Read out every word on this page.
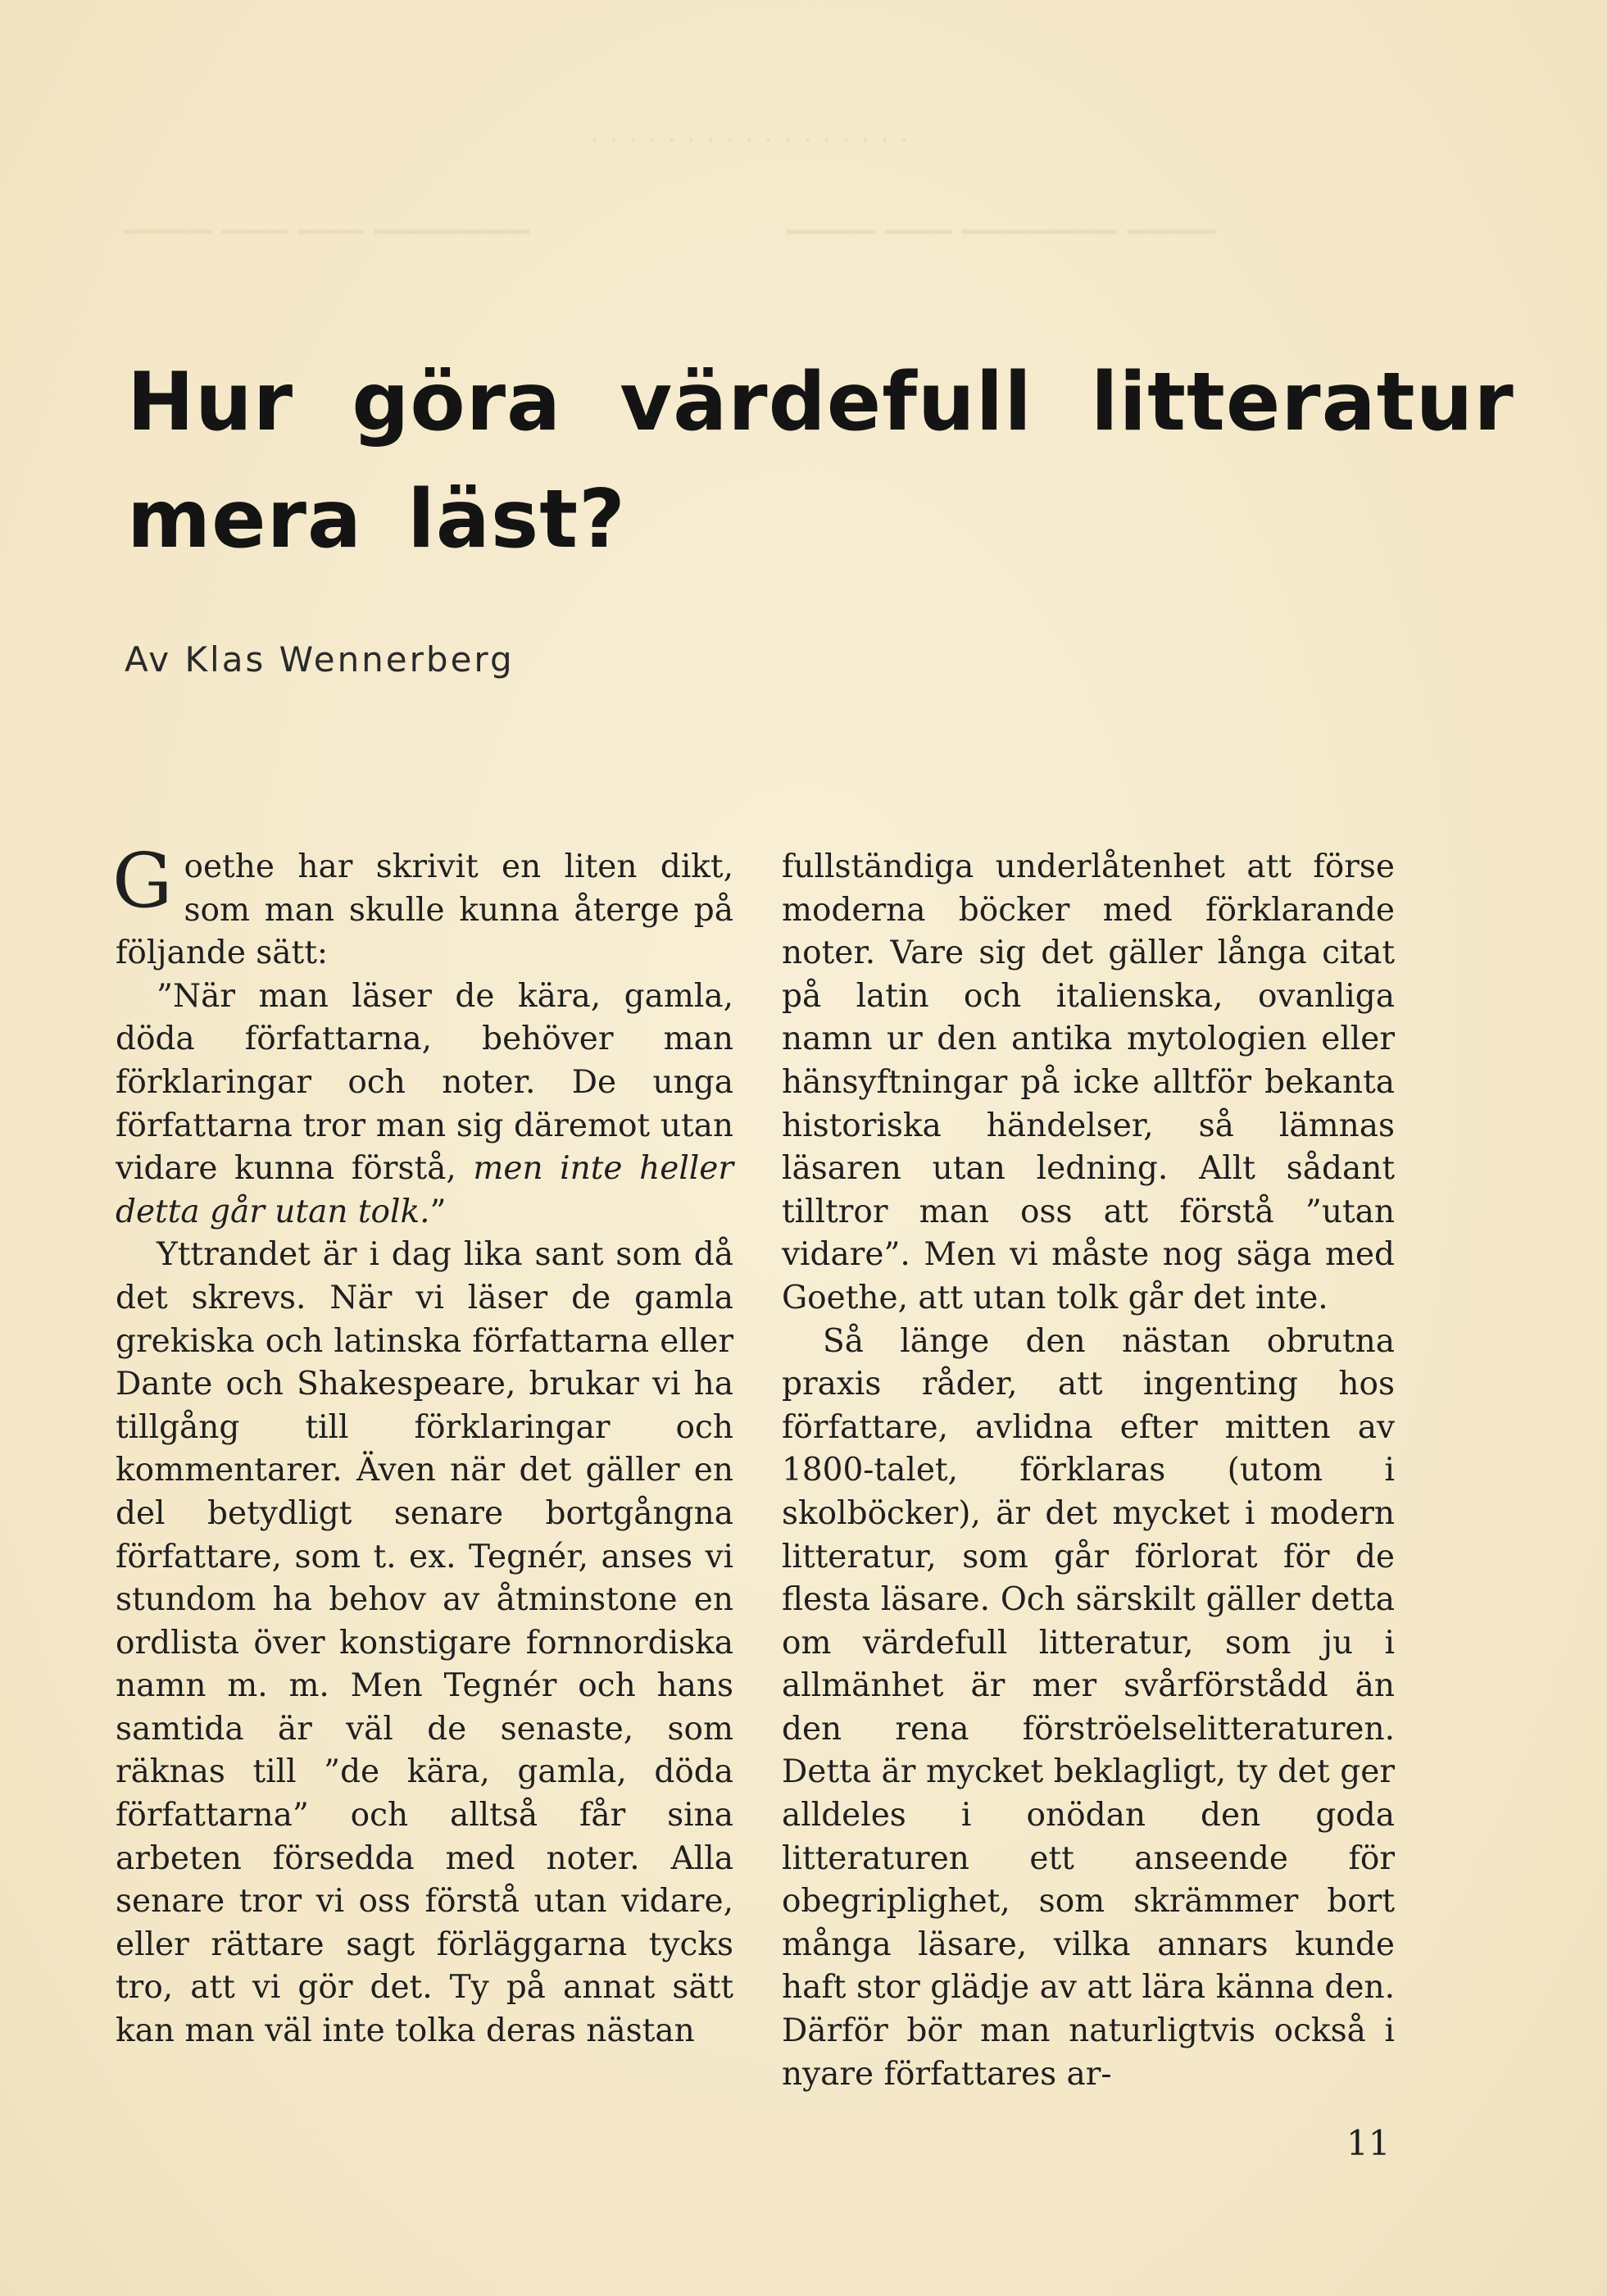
. . . . . . . . . . . . . . . . .
▁▁▁▁ ▁▁▁ ▁▁▁ ▁▁▁▁▁▁▁	▁▁▁▁ ▁▁▁ ▁▁▁▁▁▁▁ ▁▁▁▁
Hur göra värdefull litteratur
mera läst?
Av Klas Wennerberg

Goethe har skrivit en liten dikt, som man skulle kunna återge på följande sätt:

”När man läser de kära, gamla, döda författarna, behöver man förklaringar och noter. De unga författarna tror man sig däremot utan vidare kunna förstå, men inte heller detta går utan tolk.”

Yttrandet är i dag lika sant som då det skrevs. När vi läser de gamla grekiska och latinska författarna eller Dante och Shakespeare, brukar vi ha tillgång till förklaringar och kommentarer. Även när det gäller en del betydligt senare bortgångna författare, som t. ex. Tegnér, anses vi stundom ha behov av åtminstone en ordlista över konstigare fornnordiska namn m. m. Men Tegnér och hans samtida är väl de senaste, som räknas till ”de kära, gamla, döda författarna” och alltså får sina arbeten försedda med noter. Alla senare tror vi oss förstå utan vidare, eller rättare sagt förläggarna tycks tro, att vi gör det. Ty på annat sätt kan man väl inte tolka deras nästan

fullständiga underlåtenhet att förse moderna böcker med förklarande noter. Vare sig det gäller långa citat på latin och italienska, ovanliga namn ur den antika mytologien eller hänsyftningar på icke alltför bekanta historiska händelser, så lämnas läsaren utan ledning. Allt sådant tilltror man oss att förstå ”utan vidare”. Men vi måste nog säga med Goethe, att utan tolk går det inte.

Så länge den nästan obrutna praxis råder, att ingenting hos författare, avlidna efter mitten av 1800-talet, förklaras (utom i skolböcker), är det mycket i modern litteratur, som går förlorat för de flesta läsare. Och särskilt gäller detta om värdefull litteratur, som ju i allmänhet är mer svårförstådd än den rena förströelselitteraturen. Detta är mycket beklagligt, ty det ger alldeles i onödan den goda litteraturen ett anseende för obegriplighet, som skrämmer bort många läsare, vilka annars kunde haft stor glädje av att lära känna den. Därför bör man naturligtvis också i nyare författares ar-

11
